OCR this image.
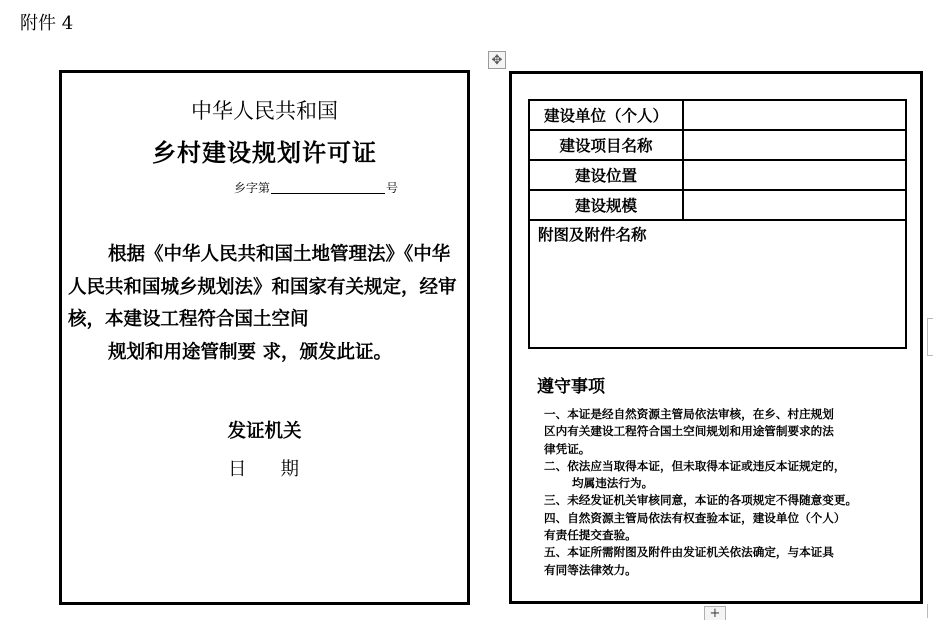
附件 4
✥
+
中华人民共和国
乡村建设规划许可证
乡字第	号
根据《中华人民共和国土地管理法》《中华
人民共和国城乡规划法》和国家有关规定，经审
核，本建设工程符合国土空间
规划和用途管制要 求，颁发此证。
发证机关
日 期
建设单位（个人）	
建设项目名称	
建设位置	
建设规模	
附图及附件名称	
遵守事项

一、本证是经自然资源主管局依法审核，在乡、村庄规划

区内有关建设工程符合国土空间规划和用途管制要求的法

律凭证。

二、依法应当取得本证，但未取得本证或违反本证规定的，

均属违法行为。

三、未经发证机关审核同意，本证的各项规定不得随意变更。

四、自然资源主管局依法有权查验本证，建设单位（个人）

有责任提交查验。

五、本证所需附图及附件由发证机关依法确定，与本证具

有同等法律效力。
